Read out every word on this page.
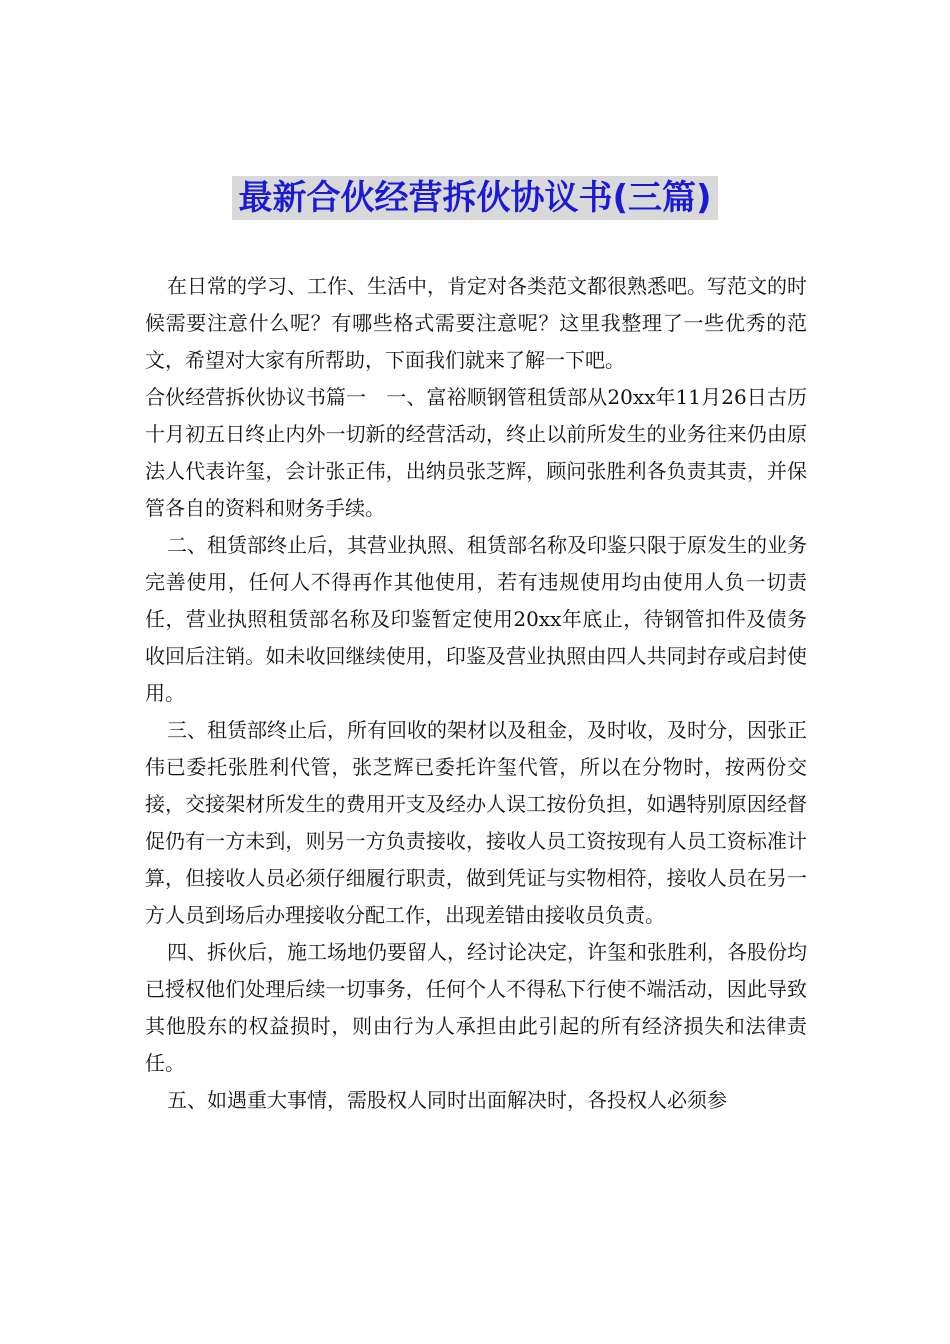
最新合伙经营拆伙协议书(三篇)

在日常的学习、工作、生活中，肯定对各类范文都很熟悉吧。写范文的时候需要注意什么呢？有哪些格式需要注意呢？这里我整理了一些优秀的范文，希望对大家有所帮助，下面我们就来了解一下吧。

合伙经营拆伙协议书篇一　一、富裕顺钢管租赁部从20xx年11月26日古历十月初五日终止内外一切新的经营活动，终止以前所发生的业务往来仍由原法人代表许玺，会计张正伟，出纳员张芝辉，顾问张胜利各负责其责，并保管各自的资料和财务手续。

二、租赁部终止后，其营业执照、租赁部名称及印鉴只限于原发生的业务完善使用，任何人不得再作其他使用，若有违规使用均由使用人负一切责任，营业执照租赁部名称及印鉴暂定使用20xx年底止，待钢管扣件及债务收回后注销。如未收回继续使用，印鉴及营业执照由四人共同封存或启封使用。

三、租赁部终止后，所有回收的架材以及租金，及时收，及时分，因张正伟已委托张胜利代管，张芝辉已委托许玺代管，所以在分物时，按两份交接，交接架材所发生的费用开支及经办人误工按份负担，如遇特别原因经督促仍有一方未到，则另一方负责接收，接收人员工资按现有人员工资标准计算，但接收人员必须仔细履行职责，做到凭证与实物相符，接收人员在另一方人员到场后办理接收分配工作，出现差错由接收员负责。

四、拆伙后，施工场地仍要留人，经讨论决定，许玺和张胜利，各股份均已授权他们处理后续一切事务，任何个人不得私下行使不端活动，因此导致其他股东的权益损时，则由行为人承担由此引起的所有经济损失和法律责任。

五、如遇重大事情，需股权人同时出面解决时，各投权人必须参
